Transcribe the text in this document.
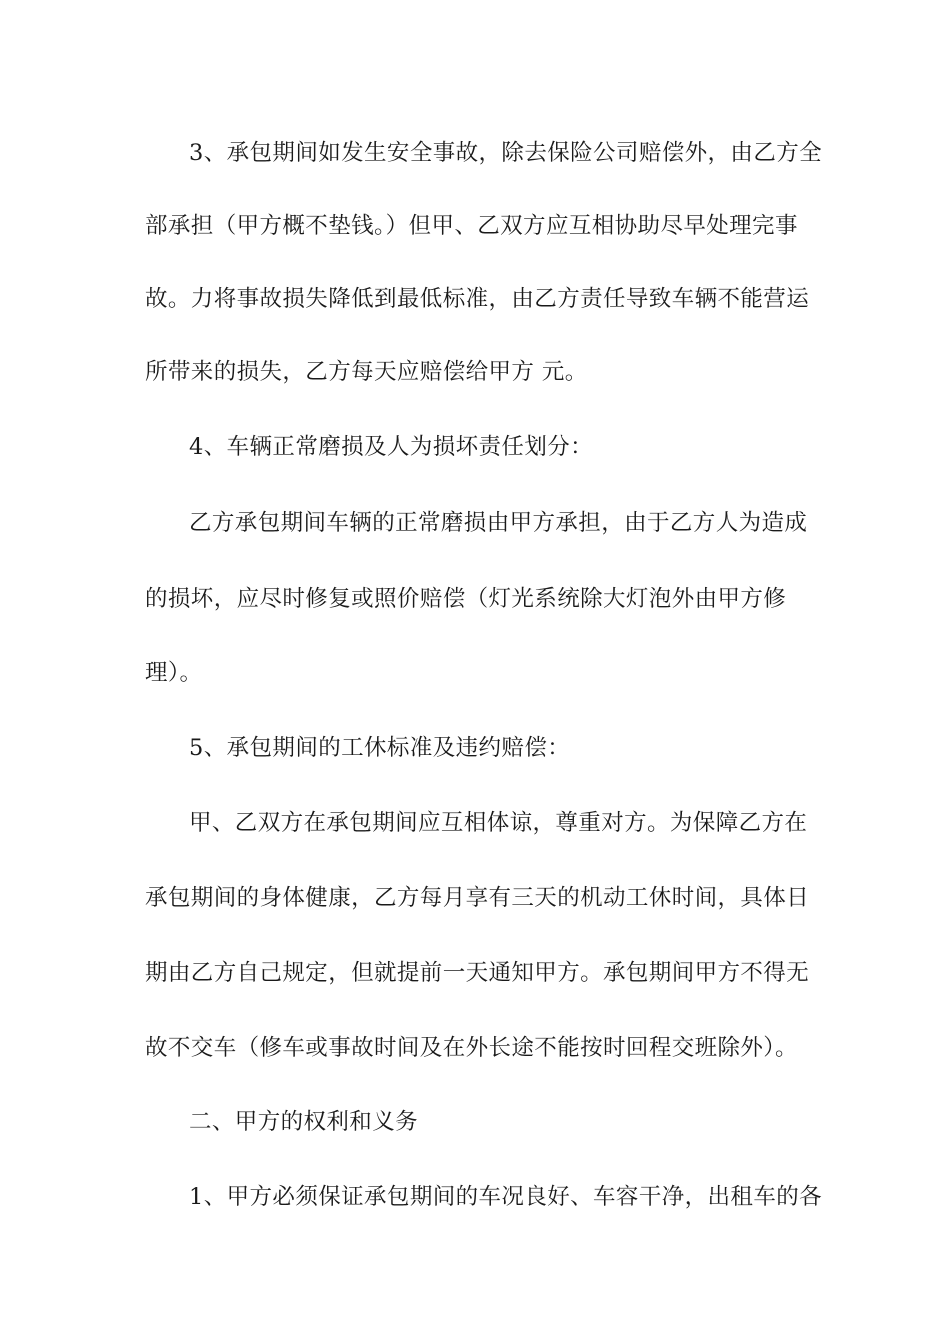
3、承包期间如发生安全事故，除去保险公司赔偿外，由乙方全
部承担（甲方概不垫钱。）但甲、乙双方应互相协助尽早处理完事
故。力将事故损失降低到最低标准，由乙方责任导致车辆不能营运
所带来的损失，乙方每天应赔偿给甲方 元。
4、车辆正常磨损及人为损坏责任划分：
乙方承包期间车辆的正常磨损由甲方承担，由于乙方人为造成
的损坏，应尽时修复或照价赔偿（灯光系统除大灯泡外由甲方修
理）。
5、承包期间的工休标准及违约赔偿：
甲、乙双方在承包期间应互相体谅，尊重对方。为保障乙方在
承包期间的身体健康，乙方每月享有三天的机动工休时间，具体日
期由乙方自己规定，但就提前一天通知甲方。承包期间甲方不得无
故不交车（修车或事故时间及在外长途不能按时回程交班除外）。
二、甲方的权利和义务
1、甲方必须保证承包期间的车况良好、车容干净，出租车的各
